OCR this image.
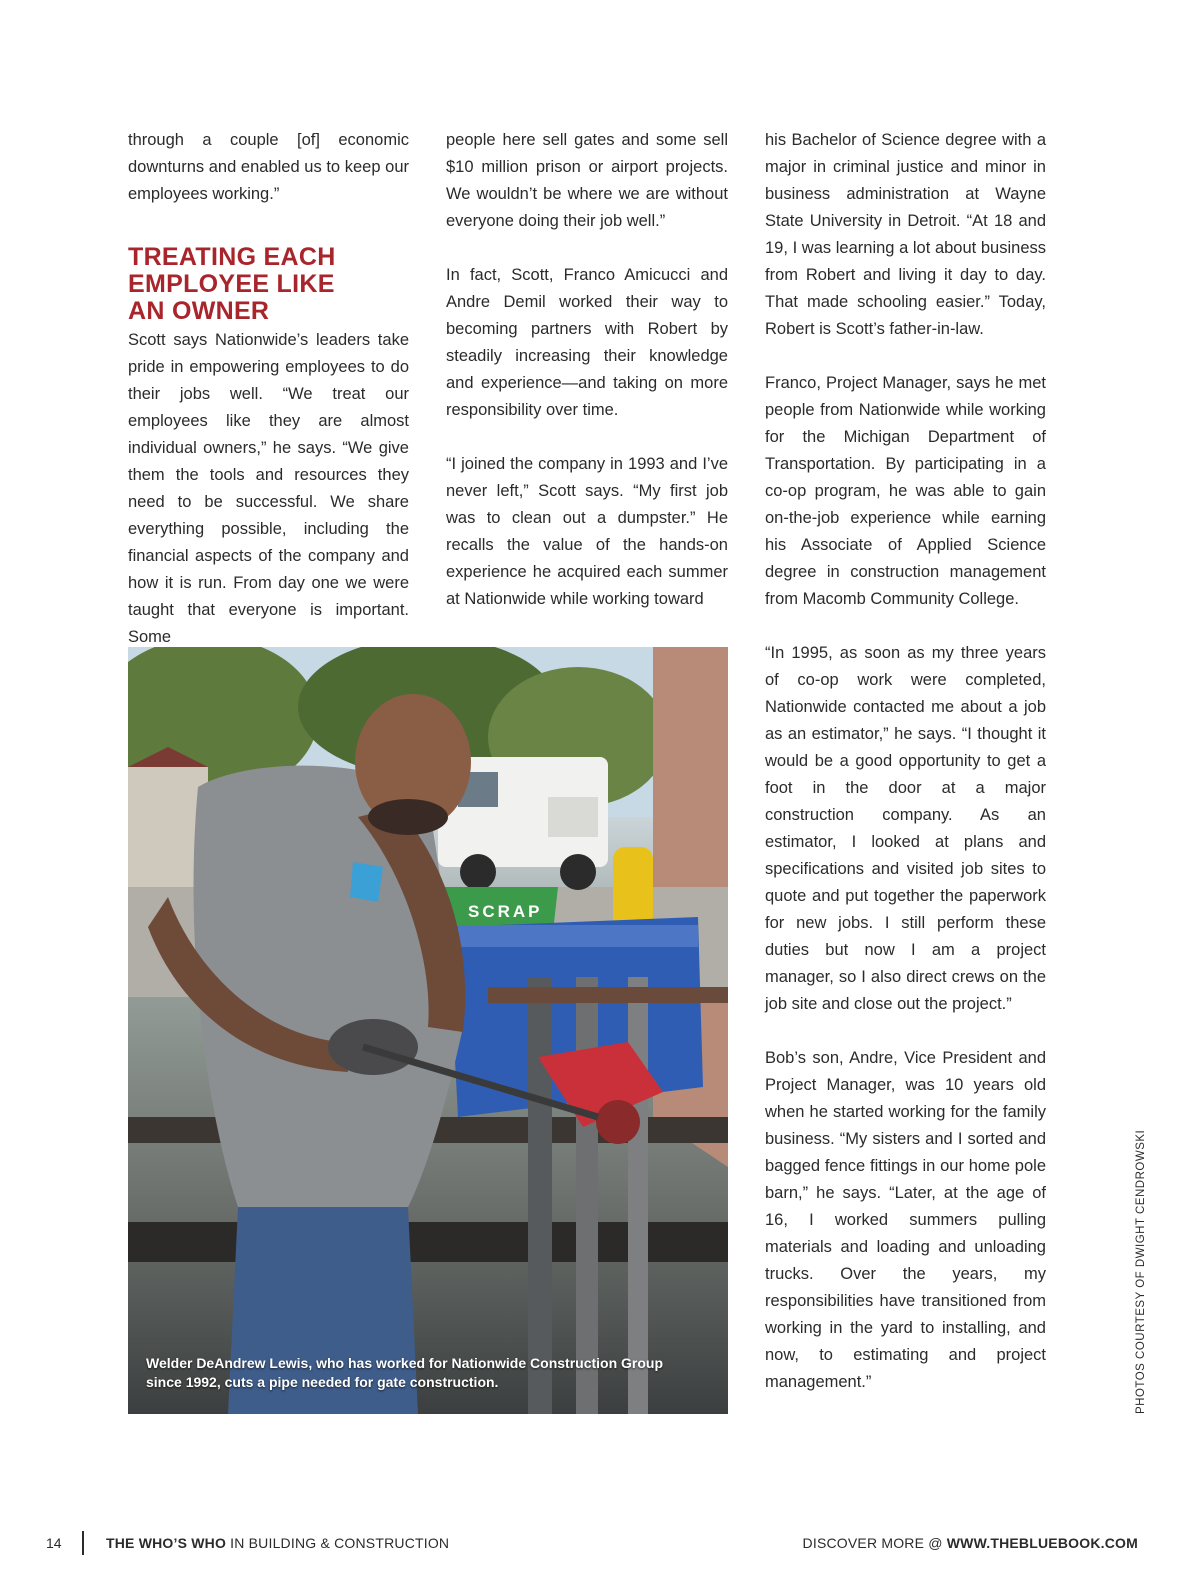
through a couple [of] economic downturns and enabled us to keep our employees working.”

TREATING EACH
EMPLOYEE LIKE
AN OWNER

Scott says Nationwide’s leaders take pride in empowering employees to do their jobs well. “We treat our employees like they are almost individual owners,” he says. “We give them the tools and resources they need to be successful. We share everything possible, including the financial aspects of the company and how it is run. From day one we were taught that everyone is important. Some

people here sell gates and some sell $10 million prison or airport projects. We wouldn’t be where we are without everyone doing their job well.”

In fact, Scott, Franco Amicucci and Andre Demil worked their way to becoming partners with Robert by steadily increasing their knowledge and experience—and taking on more responsibility over time.

“I joined the company in 1993 and I’ve never left,” Scott says. “My first job was to clean out a dumpster.” He recalls the value of the hands-on experience he acquired each summer at Nationwide while working toward

his Bachelor of Science degree with a major in criminal justice and minor in business administration at Wayne State University in Detroit. “At 18 and 19, I was learning a lot about business from Robert and living it day to day. That made schooling easier.” Today, Robert is Scott’s father-in-law.

Franco, Project Manager, says he met people from Nationwide while working for the Michigan Department of Transportation. By participating in a co-op program, he was able to gain on-the-job experience while earning his Associate of Applied Science degree in construction management from Macomb Community College.

“In 1995, as soon as my three years of co-op work were completed, Nationwide contacted me about a job as an estimator,” he says. “I thought it would be a good opportunity to get a foot in the door at a major construction company. As an estimator, I looked at plans and specifications and visited job sites to quote and put together the paperwork for new jobs. I still perform these duties but now I am a project manager, so I also direct crews on the job site and close out the project.”

Bob’s son, Andre, Vice President and Project Manager, was 10 years old when he started working for the family business. “My sisters and I sorted and bagged fence fittings in our home pole barn,” he says. “Later, at the age of 16, I worked summers pulling materials and loading and unloading trucks. Over the years, my responsibilities have transitioned from working in the yard to installing, and now, to estimating and project management.”

SCRAP
Welder DeAndrew Lewis, who has worked for Nationwide Construction Group since 1992, cuts a pipe needed for gate construction.	PHOTOS COURTESY OF DWIGHT CENDROWSKI
14	THE WHO’S WHO IN BUILDING & CONSTRUCTION	DISCOVER MORE @ WWW.THEBLUEBOOK.COM
